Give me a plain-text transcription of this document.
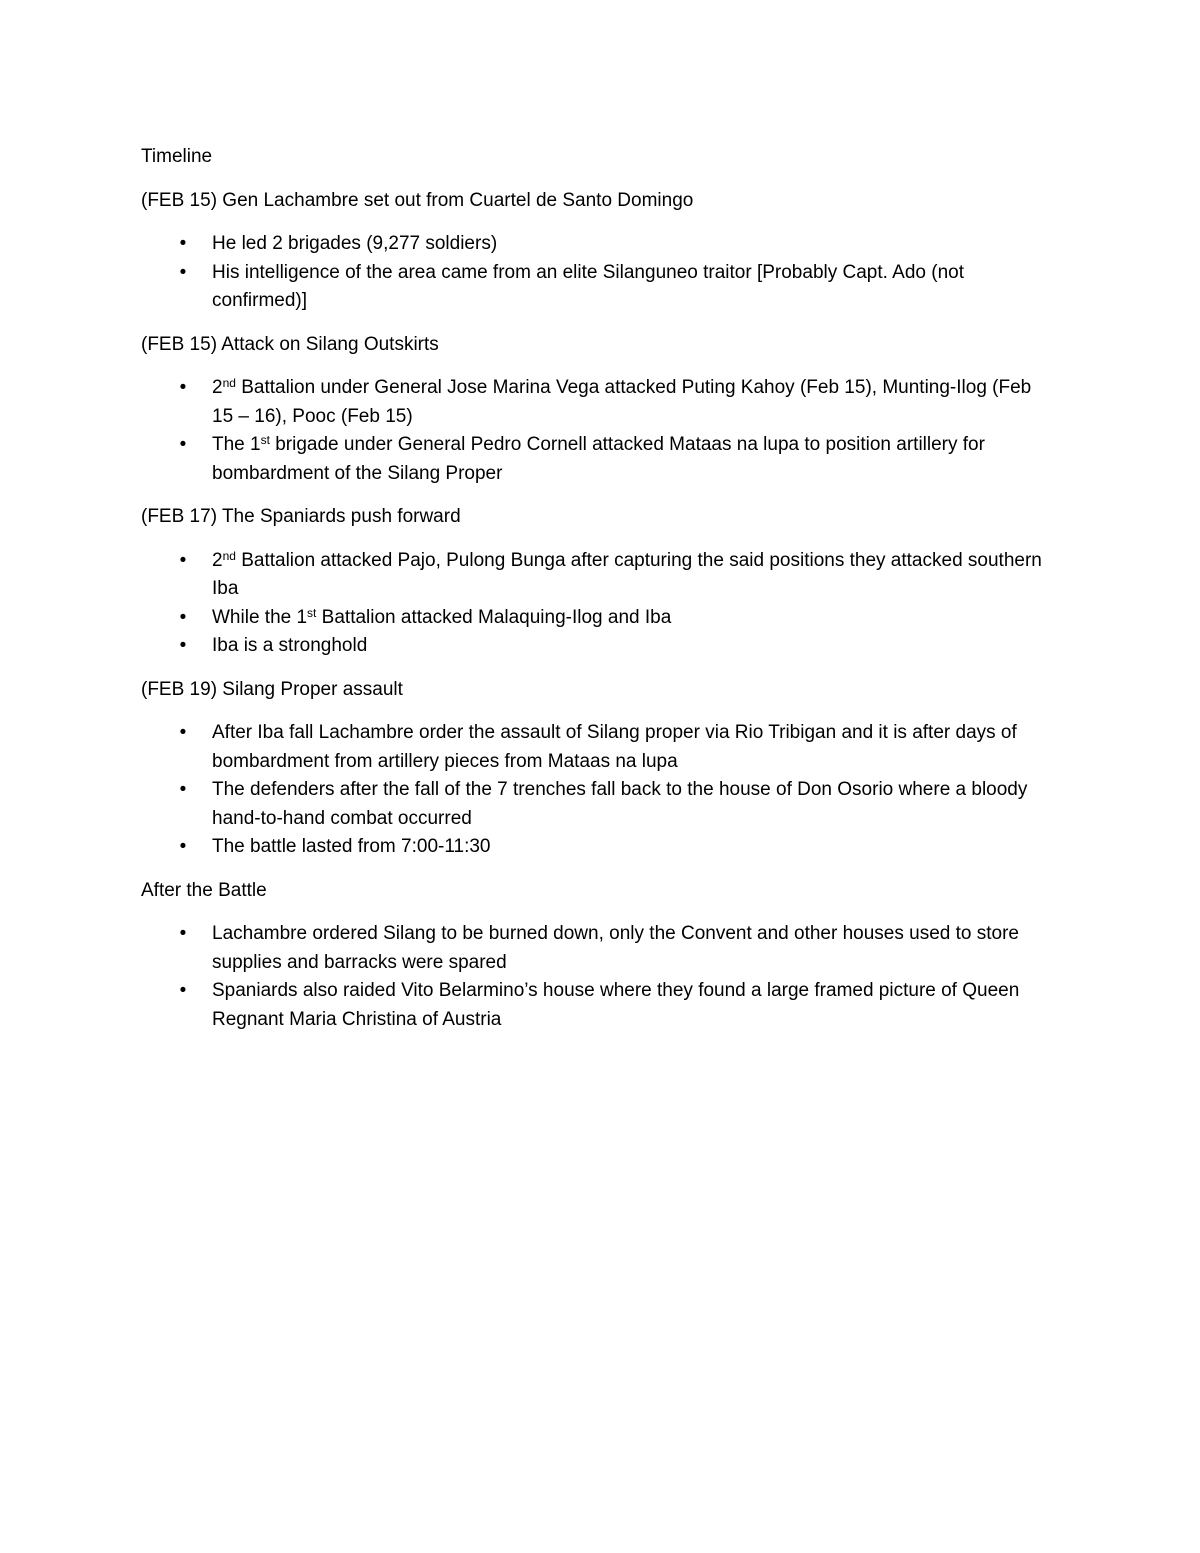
Timeline

(FEB 15) Gen Lachambre set out from Cuartel de Santo Domingo

•	He led 2 brigades (9,277 soldiers)
•	His intelligence of the area came from an elite Silanguneo traitor [Probably Capt. Ado (not confirmed)]

(FEB 15) Attack on Silang Outskirts

•	2nd Battalion under General Jose Marina Vega attacked Puting Kahoy (Feb 15), Munting-Ilog (Feb 15 – 16), Pooc (Feb 15)
•	The 1st brigade under General Pedro Cornell attacked Mataas na lupa to position artillery for bombardment of the Silang Proper

(FEB 17) The Spaniards push forward

•	2nd Battalion attacked Pajo, Pulong Bunga after capturing the said positions they attacked southern Iba
•	While the 1st Battalion attacked Malaquing-Ilog and Iba
•	Iba is a stronghold

(FEB 19) Silang Proper assault

•	After Iba fall Lachambre order the assault of Silang proper via Rio Tribigan and it is after days of bombardment from artillery pieces from Mataas na lupa
•	The defenders after the fall of the 7 trenches fall back to the house of Don Osorio where a bloody hand-to-hand combat occurred
•	The battle lasted from 7:00-11:30

After the Battle

•	Lachambre ordered Silang to be burned down, only the Convent and other houses used to store supplies and barracks were spared
•	Spaniards also raided Vito Belarmino’s house where they found a large framed picture of Queen Regnant Maria Christina of Austria
